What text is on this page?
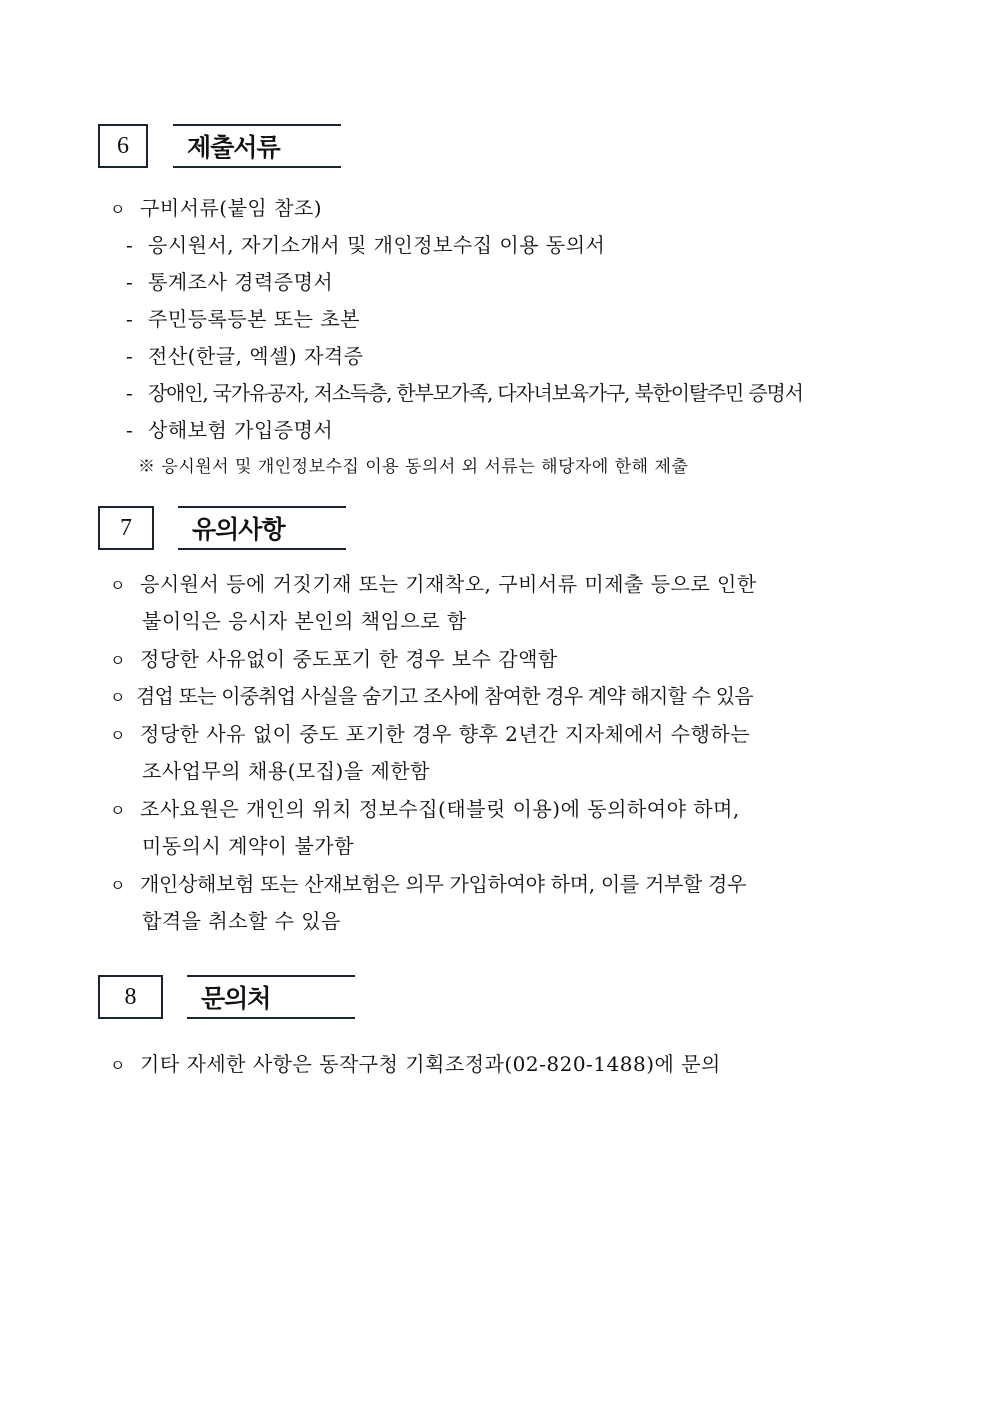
6	제출서류
ㅇ 구비서류(붙임 참조)
- 응시원서, 자기소개서 및 개인정보수집 이용 동의서
- 통계조사 경력증명서
- 주민등록등본 또는 초본
- 전산(한글, 엑셀) 자격증
- 장애인, 국가유공자, 저소득층, 한부모가족, 다자녀보육가구, 북한이탈주민 증명서
- 상해보험 가입증명서
※ 응시원서 및 개인정보수집 이용 동의서 외 서류는 해당자에 한해 제출
7	유의사항
ㅇ 응시원서 등에 거짓기재 또는 기재착오, 구비서류 미제출 등으로 인한
불이익은 응시자 본인의 책임으로 함
ㅇ 정당한 사유없이 중도포기 한 경우 보수 감액함
ㅇ 겸업 또는 이중취업 사실을 숨기고 조사에 참여한 경우 계약 해지할 수 있음
ㅇ 정당한 사유 없이 중도 포기한 경우 향후 2년간 지자체에서 수행하는
조사업무의 채용(모집)을 제한함
ㅇ 조사요원은 개인의 위치 정보수집(태블릿 이용)에 동의하여야 하며,
미동의시 계약이 불가함
ㅇ 개인상해보험 또는 산재보험은 의무 가입하여야 하며, 이를 거부할 경우
합격을 취소할 수 있음
8	문의처
ㅇ 기타 자세한 사항은 동작구청 기획조정과(02-820-1488)에 문의
